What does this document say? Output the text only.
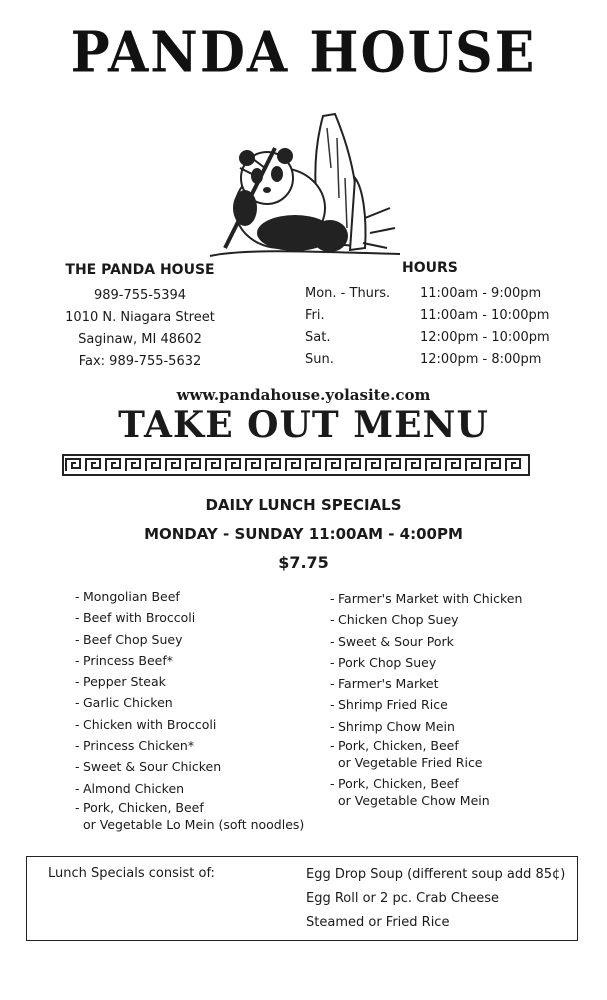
PANDA HOUSE
THE PANDA HOUSE
989-755-5394
1010 N. Niagara Street
Saginaw, MI 48602
Fax: 989-755-5632
HOURS
Mon. - Thurs.	11:00am - 9:00pm
Fri.	11:00am - 10:00pm
Sat.	12:00pm - 10:00pm
Sun.	12:00pm - 8:00pm
www.pandahouse.yolasite.com
TAKE OUT MENU
DAILY LUNCH SPECIALS
MONDAY - SUNDAY 11:00AM - 4:00PM
$7.75
- Mongolian Beef
- Beef with Broccoli
- Beef Chop Suey
- Princess Beef*
- Pepper Steak
- Garlic Chicken
- Chicken with Broccoli
- Princess Chicken*
- Sweet & Sour Chicken
- Almond Chicken
- Pork, Chicken, Beef
or Vegetable Lo Mein (soft noodles)
- Farmer's Market with Chicken
- Chicken Chop Suey
- Sweet & Sour Pork
- Pork Chop Suey
- Farmer's Market
- Shrimp Fried Rice
- Shrimp Chow Mein
- Pork, Chicken, Beef
or Vegetable Fried Rice
- Pork, Chicken, Beef
or Vegetable Chow Mein
Lunch Specials consist of:	Egg Drop Soup (different soup add 85¢)
Egg Roll or 2 pc. Crab Cheese
Steamed or Fried Rice
